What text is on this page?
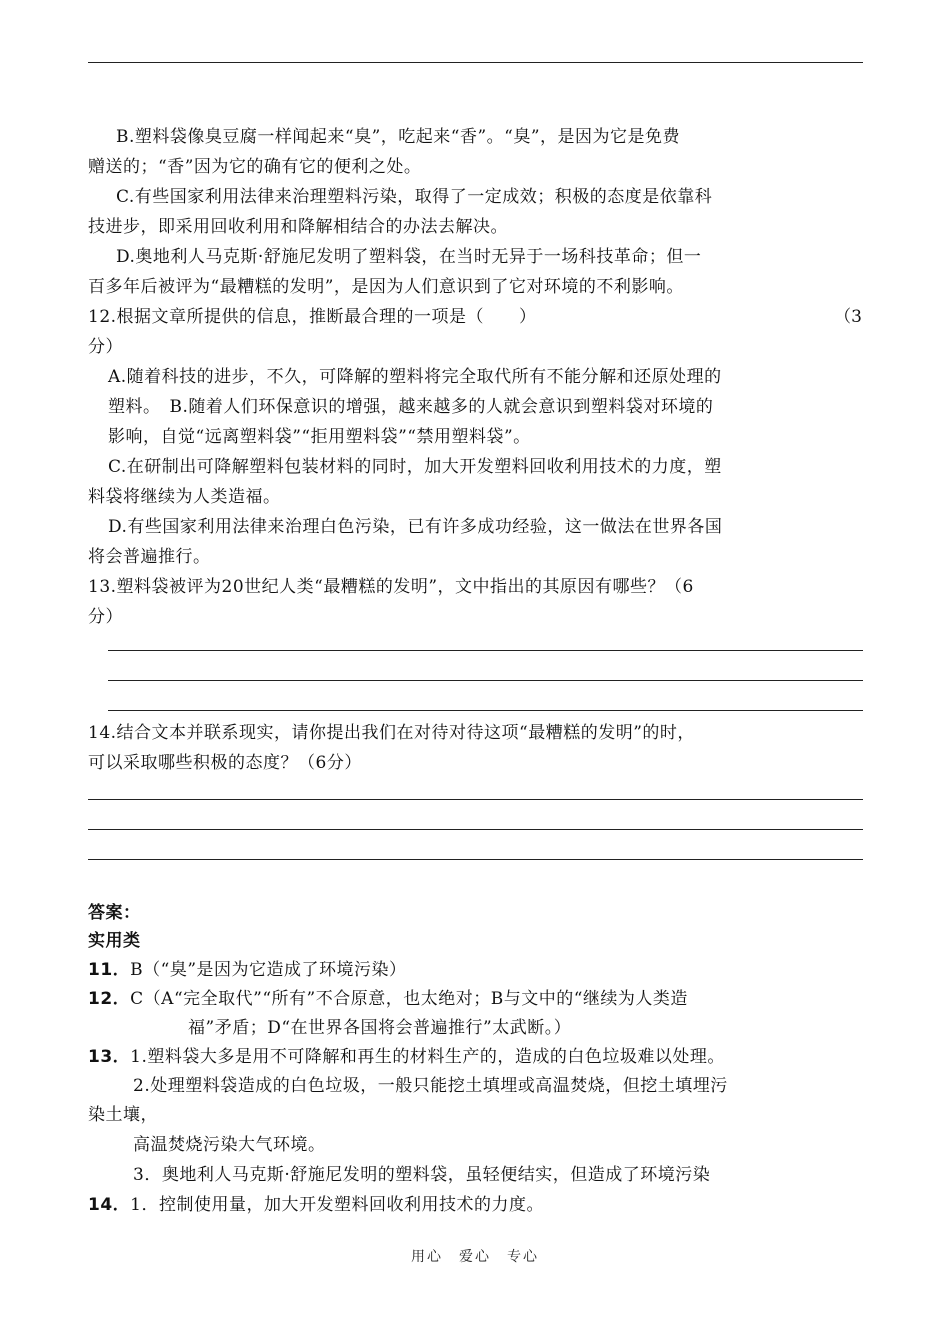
B.塑料袋像臭豆腐一样闻起来“臭”，吃起来“香”。“臭”，是因为它是免费
赠送的；“香”因为它的确有它的便利之处。
C.有些国家利用法律来治理塑料污染，取得了一定成效；积极的态度是依靠科
技进步，即采用回收利用和降解相结合的办法去解决。
D.奥地利人马克斯·舒施尼发明了塑料袋，在当时无异于一场科技革命；但一
百多年后被评为“最糟糕的发明”，是因为人们意识到了它对环境的不利影响。
12.根据文章所提供的信息，推断最合理的一项是（　　）	（3
分）
A.随着科技的进步，不久，可降解的塑料将完全取代所有不能分解和还原处理的
塑料。　B.随着人们环保意识的增强，越来越多的人就会意识到塑料袋对环境的
影响，自觉“远离塑料袋”“拒用塑料袋”“禁用塑料袋”。
C.在研制出可降解塑料包装材料的同时，加大开发塑料回收利用技术的力度，塑
料袋将继续为人类造福。
D.有些国家利用法律来治理白色污染，已有许多成功经验，这一做法在世界各国
将会普遍推行。
13.塑料袋被评为20世纪人类“最糟糕的发明”，文中指出的其原因有哪些？（6
分）
14.结合文本并联系现实，请你提出我们在对待对待这项“最糟糕的发明”的时，
可以采取哪些积极的态度？（6分）
答案：
实用类
11．B（“臭”是因为它造成了环境污染）
12．C（A“完全取代”“所有”不合原意，也太绝对；B与文中的“继续为人类造
福”矛盾；D“在世界各国将会普遍推行”太武断。）
13．1.塑料袋大多是用不可降解和再生的材料生产的，造成的白色垃圾难以处理。
2.处理塑料袋造成的白色垃圾，一般只能挖土填埋或高温焚烧，但挖土填埋污
染土壤，
高温焚烧污染大气环境。
3．奥地利人马克斯·舒施尼发明的塑料袋，虽轻便结实，但造成了环境污染
14．1．控制使用量，加大开发塑料回收利用技术的力度。
用心　爱心　专心
